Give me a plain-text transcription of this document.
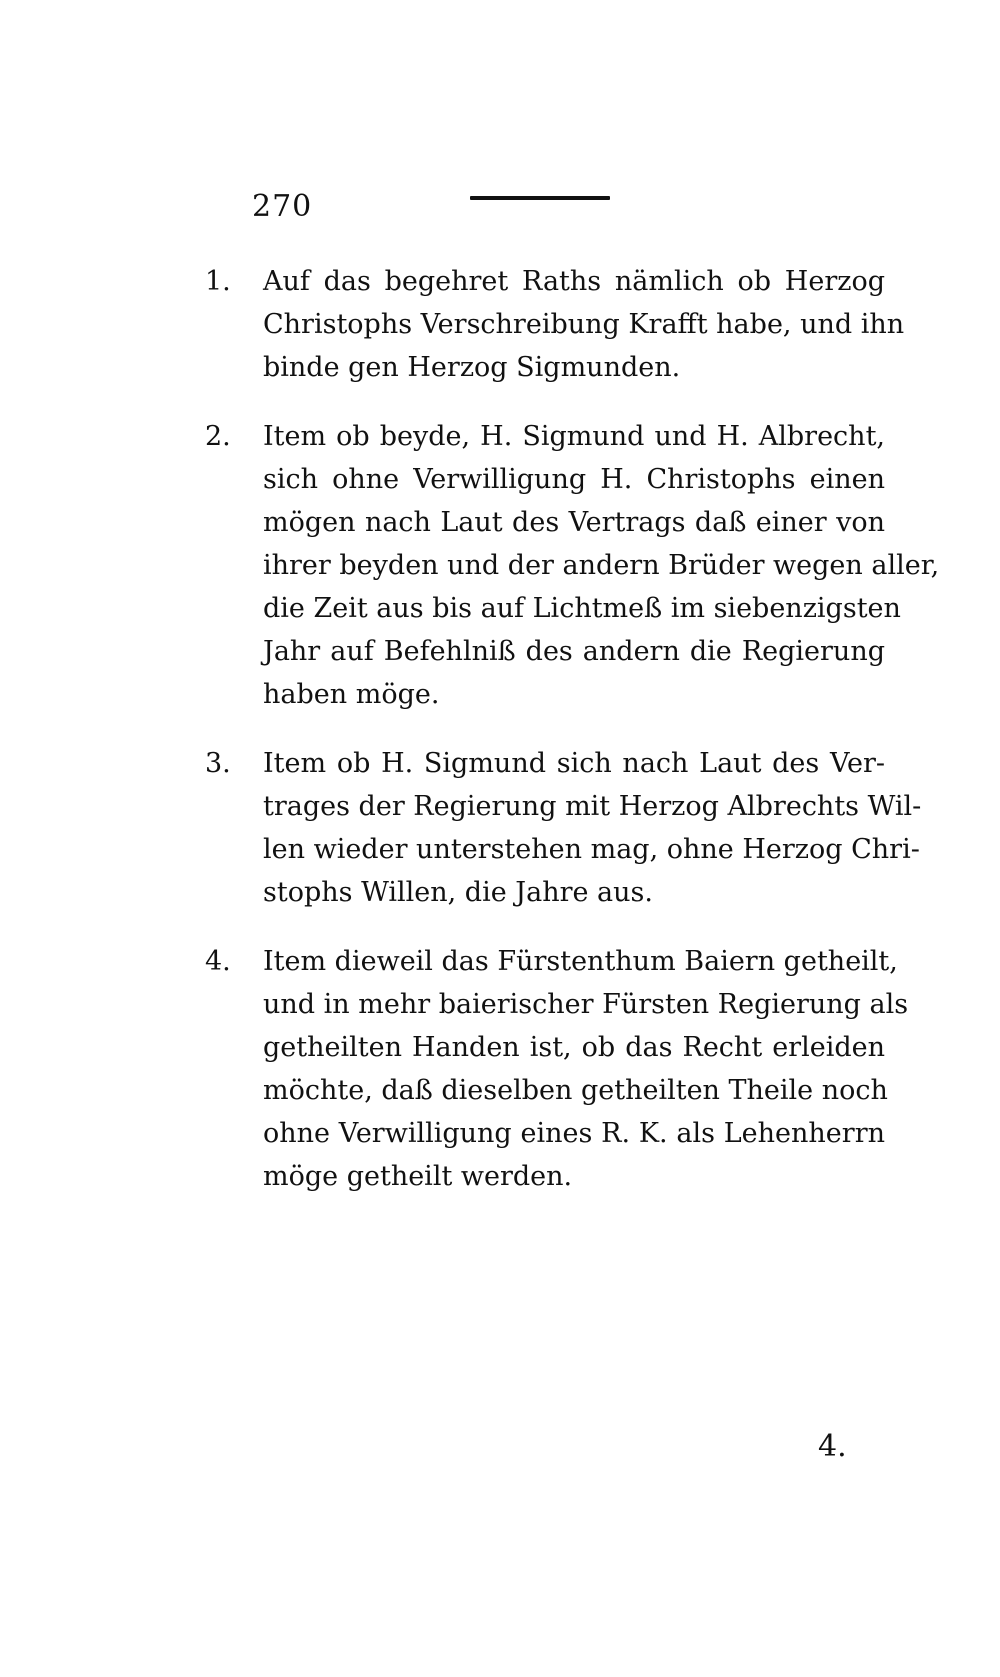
270
1. Auf das begehret Raths nämlich ob Herzog
Christophs Verschreibung Krafft habe, und ihn
binde gen Herzog Sigmunden.
2. Item ob beyde, H. Sigmund und H. Albrecht,
sich ohne Verwilligung H. Christophs einen
mögen nach Laut des Vertrags daß einer von
ihrer beyden und der andern Brüder wegen aller,
die Zeit aus bis auf Lichtmeß im siebenzigsten
Jahr auf Befehlniß des andern die Regierung
haben möge.
3. Item ob H. Sigmund sich nach Laut des Ver-
trages der Regierung mit Herzog Albrechts Wil-
len wieder unterstehen mag, ohne Herzog Chri-
stophs Willen, die Jahre aus.
4. Item dieweil das Fürstenthum Baiern getheilt,
und in mehr baierischer Fürsten Regierung als
getheilten Handen ist, ob das Recht erleiden
möchte, daß dieselben getheilten Theile noch
ohne Verwilligung eines R. K. als Lehenherrn
möge getheilt werden.
4.
